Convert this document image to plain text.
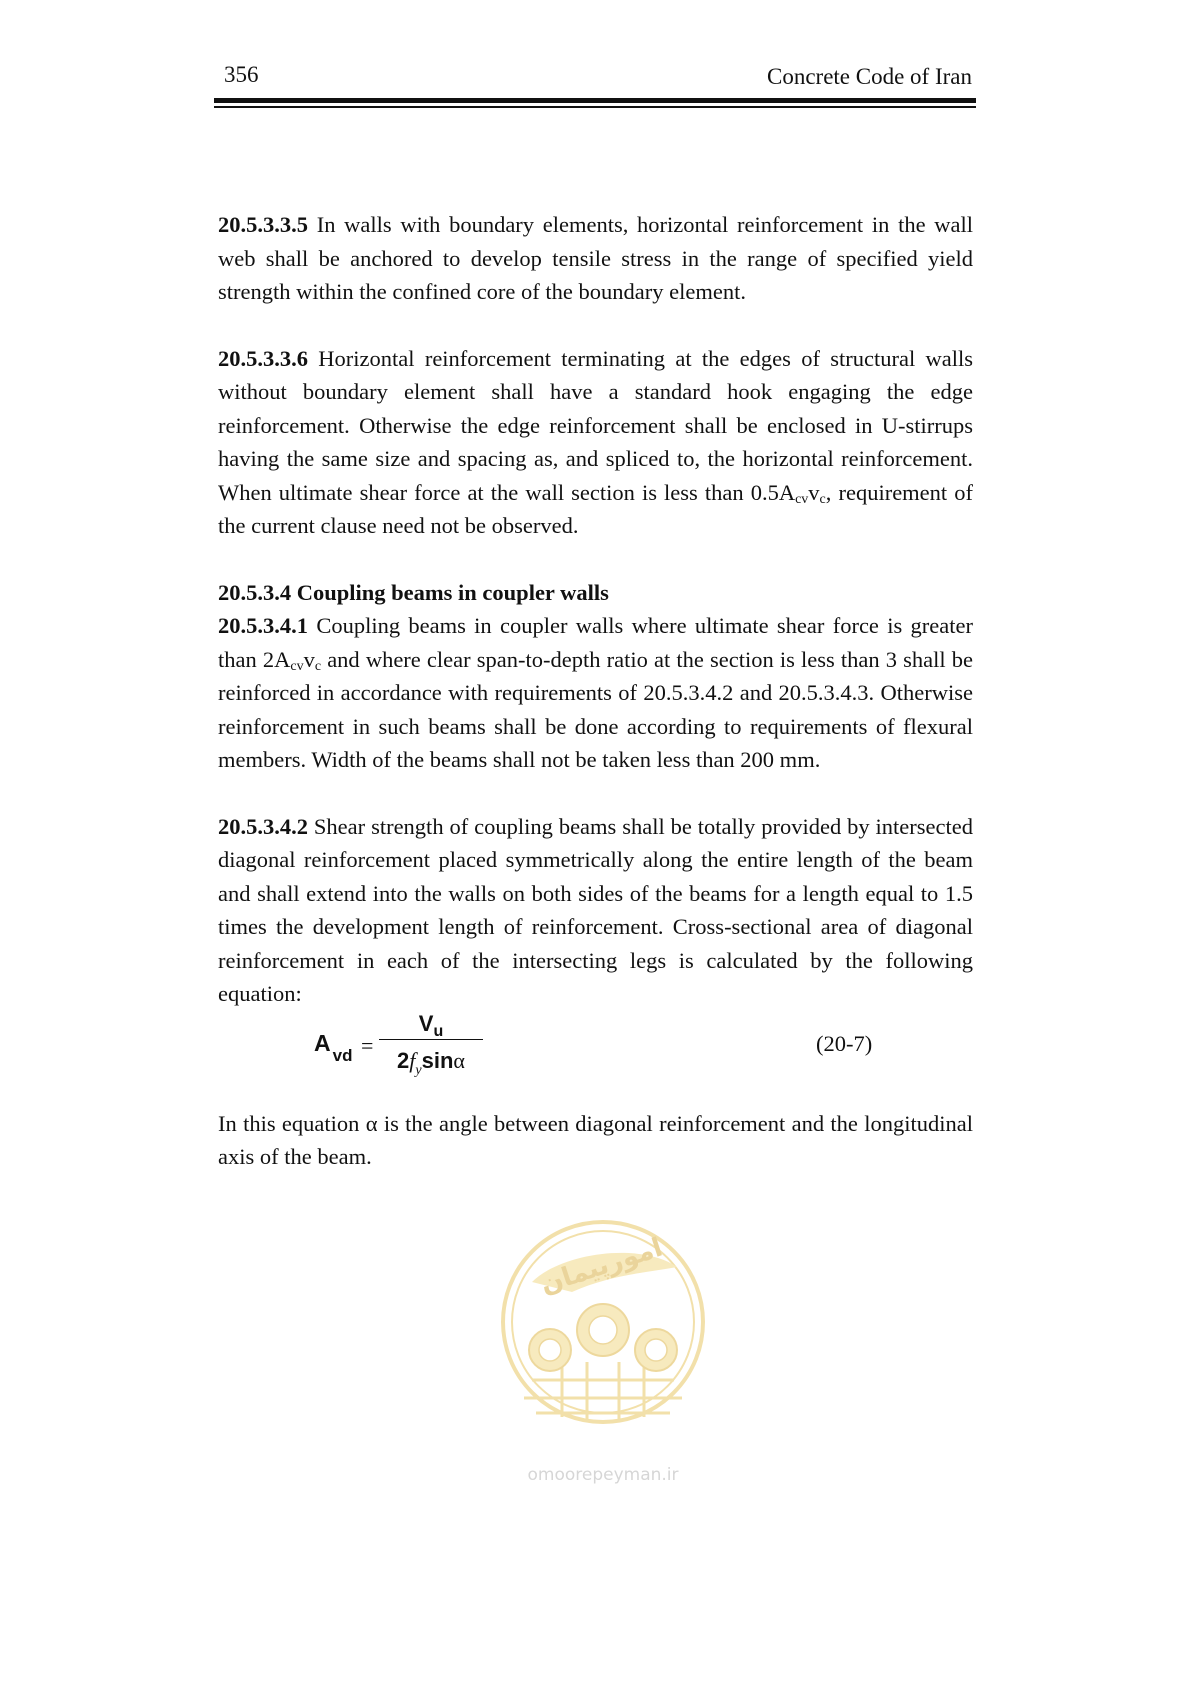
356	Concrete Code of Iran

20.5.3.3.5 In walls with boundary elements, horizontal reinforcement in the wall web shall be anchored to develop tensile stress in the range of specified yield strength within the confined core of the boundary element.

20.5.3.3.6 Horizontal reinforcement terminating at the edges of structural walls without boundary element shall have a standard hook engaging the edge reinforcement. Otherwise the edge reinforcement shall be enclosed in U-stirrups having the same size and spacing as, and spliced to, the horizontal reinforcement. When ultimate shear force at the wall section is less than $0.5A_{cv}v_c$, requirement of the current clause need not be observed.

20.5.3.4 Coupling beams in coupler walls

20.5.3.4.1 Coupling beams in coupler walls where ultimate shear force is greater than $2A_{cv}v_c$ and where clear span-to-depth ratio at the section is less than 3 shall be reinforced in accordance with requirements of 20.5.3.4.2 and 20.5.3.4.3. Otherwise reinforcement in such beams shall be done according to requirements of flexural members. Width of the beams shall not be taken less than 200 mm.

20.5.3.4.2 Shear strength of coupling beams shall be totally provided by intersected diagonal reinforcement placed symmetrically along the entire length of the beam and shall extend into the walls on both sides of the beams for a length equal to 1.5 times the development length of reinforcement. Cross-sectional area of diagonal reinforcement in each of the intersecting legs is calculated by the following equation:

A $_{vd}$ =
$V_u$
$2f_y\sin\alpha$
(20-7)

In this equation α is the angle between diagonal reinforcement and the longitudinal axis of the beam.

امورپیمان
omoorepeyman.ir
